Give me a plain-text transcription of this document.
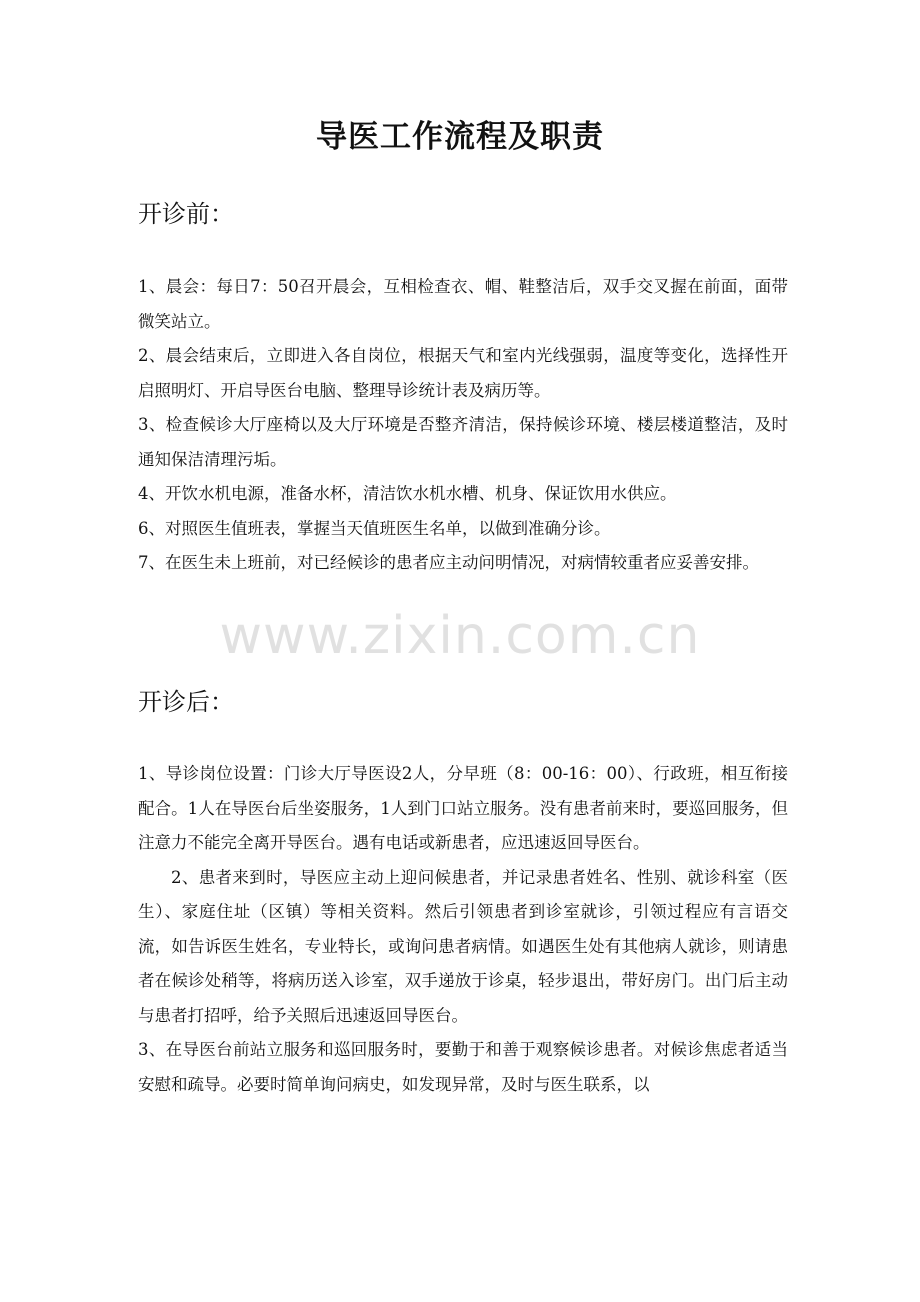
导医工作流程及职责
开诊前：

1、晨会：每日7：50召开晨会，互相检查衣、帽、鞋整洁后，双手交叉握在前面，面带微笑站立。

2、晨会结束后，立即进入各自岗位，根据天气和室内光线强弱，温度等变化，选择性开启照明灯、开启导医台电脑、整理导诊统计表及病历等。

3、检查候诊大厅座椅以及大厅环境是否整齐清洁，保持候诊环境、楼层楼道整洁，及时通知保洁清理污垢。

4、开饮水机电源，准备水杯，清洁饮水机水槽、机身、保证饮用水供应。

6、对照医生值班表，掌握当天值班医生名单，以做到准确分诊。

7、在医生未上班前，对已经候诊的患者应主动问明情况，对病情较重者应妥善安排。

www.zixin.com.cn
开诊后：

1、导诊岗位设置：门诊大厅导医设2人，分早班（8：00-16：00）、行政班，相互衔接配合。1人在导医台后坐姿服务，1人到门口站立服务。没有患者前来时，要巡回服务，但注意力不能完全离开导医台。遇有电话或新患者，应迅速返回导医台。

2、患者来到时，导医应主动上迎问候患者，并记录患者姓名、性别、就诊科室（医生）、家庭住址（区镇）等相关资料。然后引领患者到诊室就诊，引领过程应有言语交流，如告诉医生姓名，专业特长，或询问患者病情。如遇医生处有其他病人就诊，则请患者在候诊处稍等，将病历送入诊室，双手递放于诊桌，轻步退出，带好房门。出门后主动与患者打招呼，给予关照后迅速返回导医台。

3、在导医台前站立服务和巡回服务时，要勤于和善于观察候诊患者。对候诊焦虑者适当安慰和疏导。必要时简单询问病史，如发现异常，及时与医生联系，以
